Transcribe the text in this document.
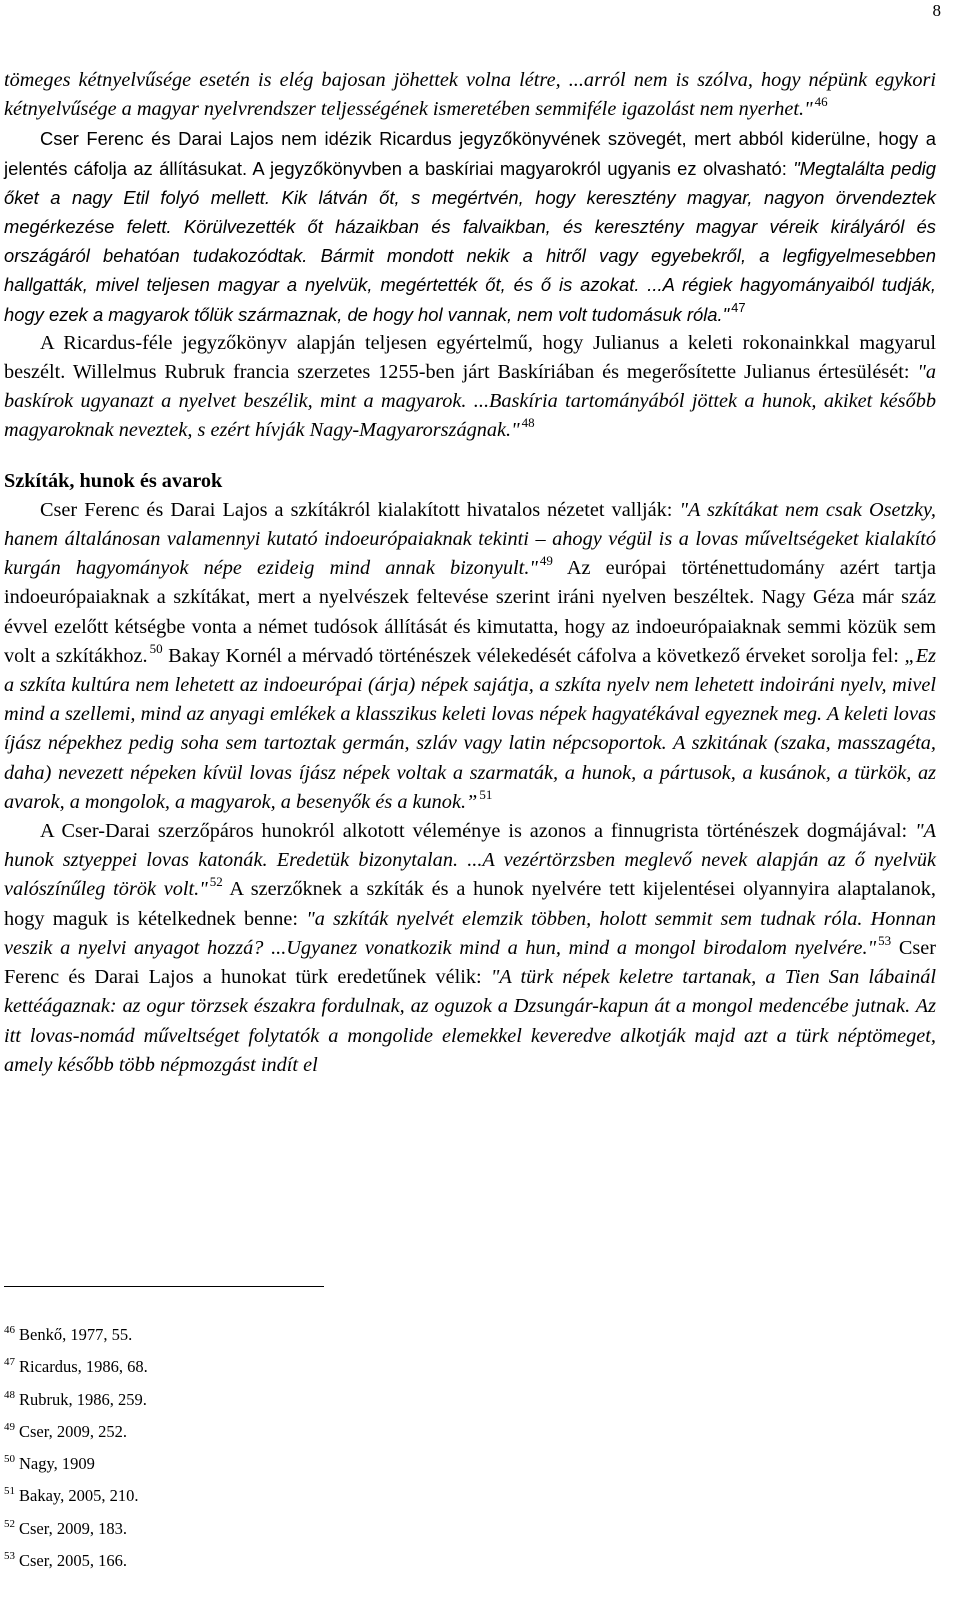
8

tömeges kétnyelvűsége esetén is elég bajosan jöhettek volna létre, ...arról nem is szólva, hogy népünk egykori kétnyelvűsége a magyar nyelvrendszer teljességének ismeretében semmiféle igazolást nem nyerhet." $^{46}$

Cser Ferenc és Darai Lajos nem idézik Ricardus jegyzőkönyvének szövegét, mert abból kiderülne, hogy a jelentés cáfolja az állításukat. A jegyzőkönyvben a baskíriai magyarokról ugyanis ez olvasható: "Megtalálta pedig őket a nagy Etil folyó mellett. Kik látván őt, s megértvén, hogy keresztény magyar, nagyon örvendeztek megérkezése felett. Körülvezették őt házaikban és falvaikban, és keresztény magyar véreik királyáról és országáról behatóan tudakozódtak. Bármit mondott nekik a hitről vagy egyebekről, a legfigyelmesebben hallgatták, mivel teljesen magyar a nyelvük, megértették őt, és ő is azokat. ...A régiek hagyományaiból tudják, hogy ezek a magyarok tőlük származnak, de hogy hol vannak, nem volt tudomásuk róla." $^{47}$

A Ricardus-féle jegyzőkönyv alapján teljesen egyértelmű, hogy Julianus a keleti rokonainkkal magyarul beszélt. Willelmus Rubruk francia szerzetes 1255-ben járt Baskíriában és megerősítette Julianus értesülését: "a baskírok ugyanazt a nyelvet beszélik, mint a magyarok. ...Baskíria tartományából jöttek a hunok, akiket később magyaroknak neveztek, s ezért hívják Nagy-Magyarországnak." $^{48}$

Szkíták, hunok és avarok

Cser Ferenc és Darai Lajos a szkítákról kialakított hivatalos nézetet vallják: "A szkítákat nem csak Osetzky, hanem általánosan valamennyi kutató indoeurópaiaknak tekinti – ahogy végül is a lovas műveltségeket kialakító kurgán hagyományok népe ezideig mind annak bizonyult." $^{49}$ Az európai történettudomány azért tartja indoeurópaiaknak a szkítákat, mert a nyelvészek feltevése szerint iráni nyelven beszéltek. Nagy Géza már száz évvel ezelőtt kétségbe vonta a német tudósok állítását és kimutatta, hogy az indoeurópaiaknak semmi közük sem volt a szkítákhoz. $^{50}$ Bakay Kornél a mérvadó történészek vélekedését cáfolva a következő érveket sorolja fel: „Ez a szkíta kultúra nem lehetett az indoeurópai (árja) népek sajátja, a szkíta nyelv nem lehetett indoiráni nyelv, mivel mind a szellemi, mind az anyagi emlékek a klasszikus keleti lovas népek hagyatékával egyeznek meg. A keleti lovas íjász népekhez pedig soha sem tartoztak germán, szláv vagy latin népcsoportok. A szkitának (szaka, masszagéta, daha) nevezett népeken kívül lovas íjász népek voltak a szarmaták, a hunok, a pártusok, a kusánok, a türkök, az avarok, a mongolok, a magyarok, a besenyők és a kunok.” $^{51}$

A Cser-Darai szerzőpáros hunokról alkotott véleménye is azonos a finnugrista történészek dogmájával: "A hunok sztyeppei lovas katonák. Eredetük bizonytalan. ...A vezértörzsben meglevő nevek alapján az ő nyelvük valószínűleg török volt." $^{52}$ A szerzőknek a szkíták és a hunok nyelvére tett kijelentései olyannyira alaptalanok, hogy maguk is kételkednek benne: "a szkíták nyelvét elemzik többen, holott semmit sem tudnak róla. Honnan veszik a nyelvi anyagot hozzá? ...Ugyanez vonatkozik mind a hun, mind a mongol birodalom nyelvére." $^{53}$ Cser Ferenc és Darai Lajos a hunokat türk eredetűnek vélik: "A türk népek keletre tartanak, a Tien San lábainál kettéágaznak: az ogur törzsek északra fordulnak, az oguzok a Dzsungár-kapun át a mongol medencébe jutnak. Az itt lovas-nomád műveltséget folytatók a mongolide elemekkel keveredve alkotják majd azt a türk néptömeget, amely később több népmozgást indít el

$^{46}$ Benkő, 1977, 55.
$^{47}$ Ricardus, 1986, 68.
$^{48}$ Rubruk, 1986, 259.
$^{49}$ Cser, 2009, 252.
$^{50}$ Nagy, 1909
$^{51}$ Bakay, 2005, 210.
$^{52}$ Cser, 2009, 183.
$^{53}$ Cser, 2005, 166.
